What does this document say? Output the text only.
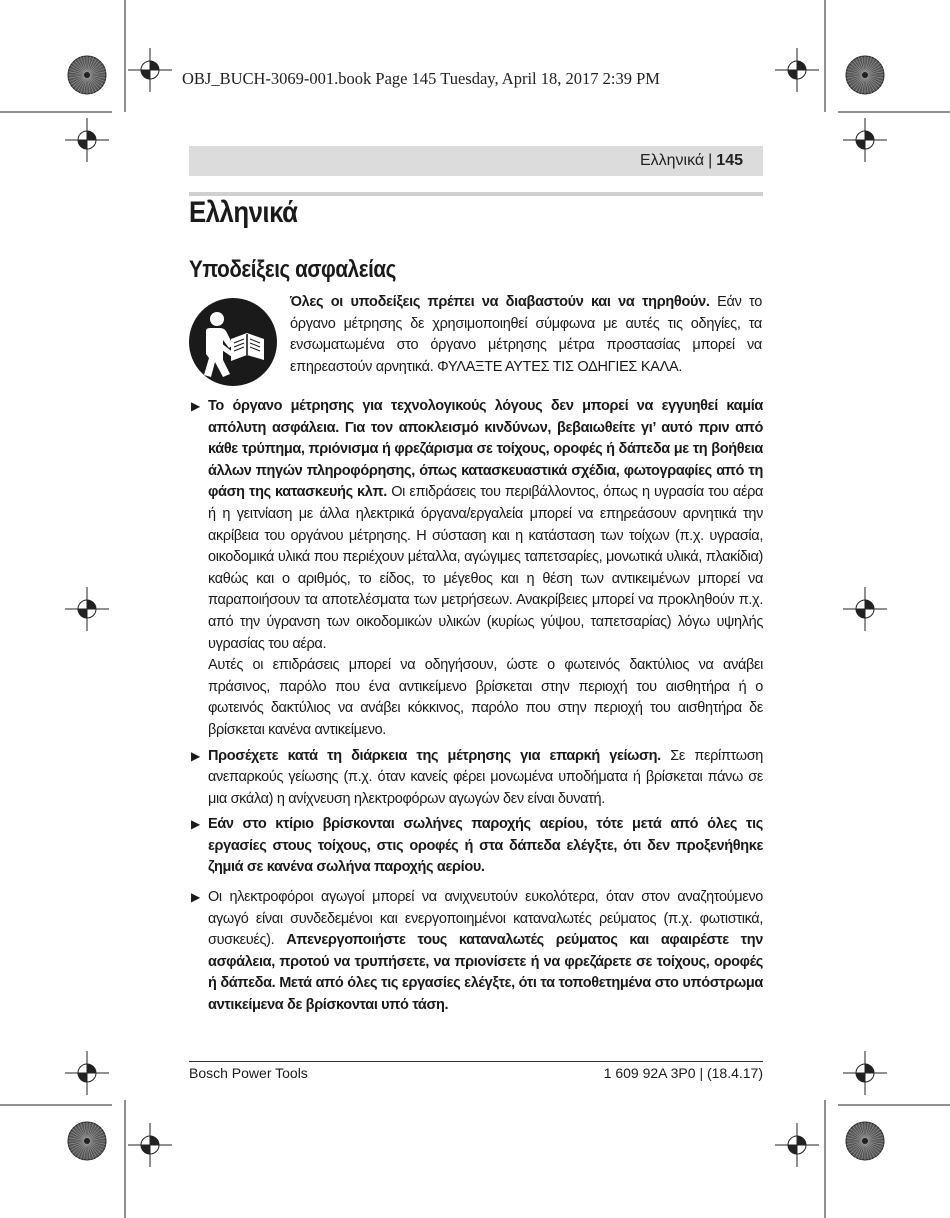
OBJ_BUCH-3069-001.book Page 145 Tuesday, April 18, 2017 2:39 PM
Ελληνικά | 145
Ελληνικά
Υποδείξεις ασφαλείας
Όλες οι υποδείξεις πρέπει να διαβαστούν και να τηρηθούν. Εάν το όργανο μέτρησης δε χρησιμοποιηθεί σύμφωνα με αυτές τις οδηγίες, τα ενσωματωμένα στο όργανο μέτρησης μέτρα προστασίας μπορεί να επηρεαστούν αρνητικά. ΦΥΛΑΞΤΕ ΑΥΤΕΣ ΤΙΣ ΟΔΗΓΙΕΣ ΚΑΛΑ.
▶ Το όργανο μέτρησης για τεχνολογικούς λόγους δεν μπορεί να εγγυηθεί καμία απόλυτη ασφάλεια. Για τον αποκλεισμό κινδύνων, βεβαιωθείτε γι’ αυτό πριν από κάθε τρύπημα, πριόνισμα ή φρεζάρισμα σε τοίχους, οροφές ή δάπεδα με τη βοήθεια άλλων πηγών πληροφόρησης, όπως κατασκευαστικά σχέδια, φωτογραφίες από τη φάση της κατασκευής κλπ. Οι επιδράσεις του περιβάλλοντος, όπως η υγρασία του αέρα ή η γειτνίαση με άλλα ηλεκτρικά όργανα/εργαλεία μπορεί να επηρεάσουν αρνητικά την ακρίβεια του οργάνου μέτρησης. Η σύσταση και η κατάσταση των τοίχων (π.χ. υγρασία, οικοδομικά υλικά που περιέχουν μέταλλα, αγώγιμες ταπετσαρίες, μονωτικά υλικά, πλακίδια) καθώς και ο αριθμός, το είδος, το μέγεθος και η θέση των αντικειμένων μπορεί να παραποιήσουν τα αποτελέσματα των μετρήσεων. Ανακρίβειες μπορεί να προκληθούν π.χ. από την ύγρανση των οικοδομικών υλικών (κυρίως γύψου, ταπετσαρίας) λόγω υψηλής υγρασίας του αέρα.
Αυτές οι επιδράσεις μπορεί να οδηγήσουν, ώστε ο φωτεινός δακτύλιος να ανάβει πράσινος, παρόλο που ένα αντικείμενο βρίσκεται στην περιοχή του αισθητήρα ή ο φωτεινός δακτύλιος να ανάβει κόκκινος, παρόλο που στην περιοχή του αισθητήρα δε βρίσκεται κανένα αντικείμενο.
▶ Προσέχετε κατά τη διάρκεια της μέτρησης για επαρκή γείωση. Σε περίπτωση ανεπαρκούς γείωσης (π.χ. όταν κανείς φέρει μονωμένα υποδήματα ή βρίσκεται πάνω σε μια σκάλα) η ανίχνευση ηλεκτροφόρων αγωγών δεν είναι δυνατή.
▶ Εάν στο κτίριο βρίσκονται σωλήνες παροχής αερίου, τότε μετά από όλες τις εργασίες στους τοίχους, στις οροφές ή στα δάπεδα ελέγξτε, ότι δεν προξενήθηκε ζημιά σε κανένα σωλήνα παροχής αερίου.
▶ Οι ηλεκτροφόροι αγωγοί μπορεί να ανιχνευτούν ευκολότερα, όταν στον αναζητούμενο αγωγό είναι συνδεδεμένοι και ενεργοποιημένοι καταναλωτές ρεύματος (π.χ. φωτιστικά, συσκευές). Απενεργοποιήστε τους καταναλωτές ρεύματος και αφαιρέστε την ασφάλεια, προτού να τρυπήσετε, να πριονίσετε ή να φρεζάρετε σε τοίχους, οροφές ή δάπεδα. Μετά από όλες τις εργασίες ελέγξτε, ότι τα τοποθετημένα στο υπόστρωμα αντικείμενα δε βρίσκονται υπό τάση.
Bosch Power Tools	1 609 92A 3P0 | (18.4.17)
